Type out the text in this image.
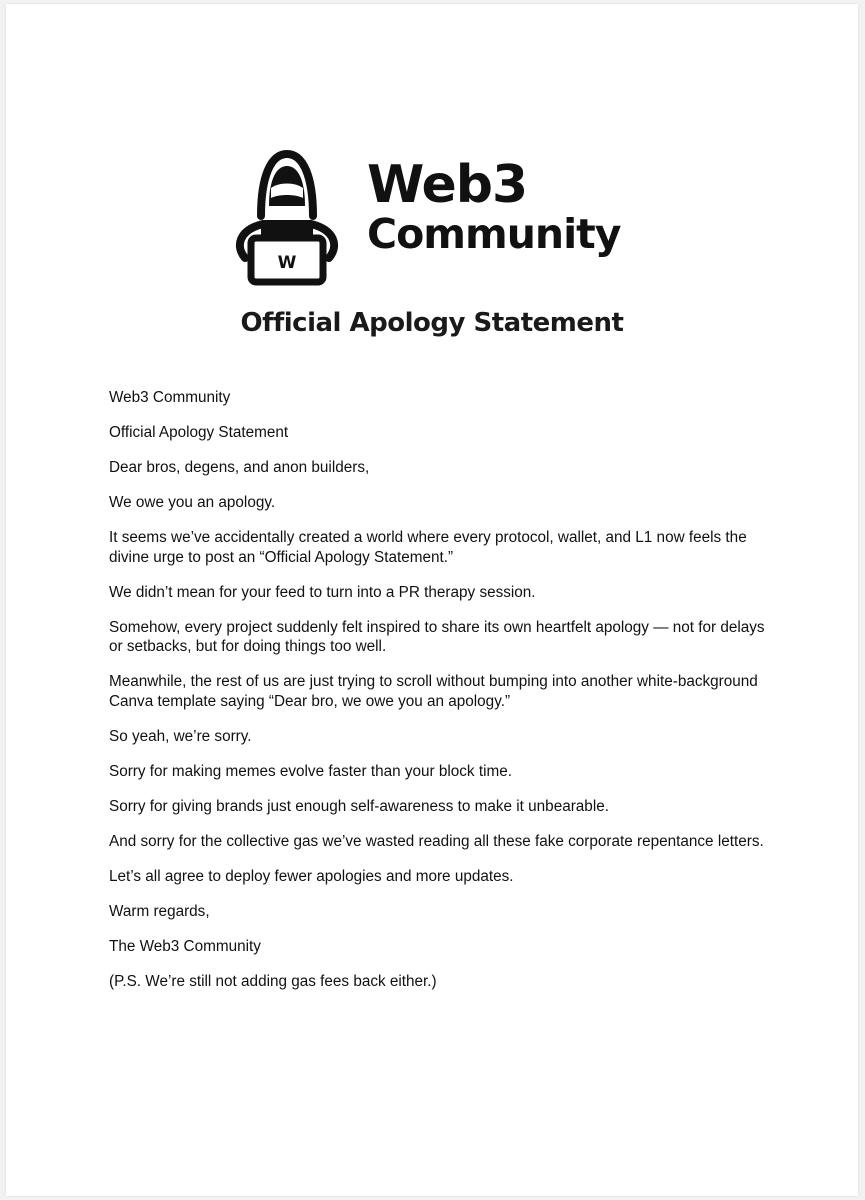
W
Web3
Community
Official Apology Statement

Web3 Community

Official Apology Statement

Dear bros, degens, and anon builders,

We owe you an apology.

It seems we’ve accidentally created a world where every protocol, wallet, and L1 now feels the divine urge to post an “Official Apology Statement.”

We didn’t mean for your feed to turn into a PR therapy session.

Somehow, every project suddenly felt inspired to share its own heartfelt apology — not for delays or setbacks, but for doing things too well.

Meanwhile, the rest of us are just trying to scroll without bumping into another white-background Canva template saying “Dear bro, we owe you an apology.”

So yeah, we’re sorry.

Sorry for making memes evolve faster than your block time.

Sorry for giving brands just enough self-awareness to make it unbearable.

And sorry for the collective gas we’ve wasted reading all these fake corporate repentance letters.

Let’s all agree to deploy fewer apologies and more updates.

Warm regards,

The Web3 Community

(P.S. We’re still not adding gas fees back either.)
